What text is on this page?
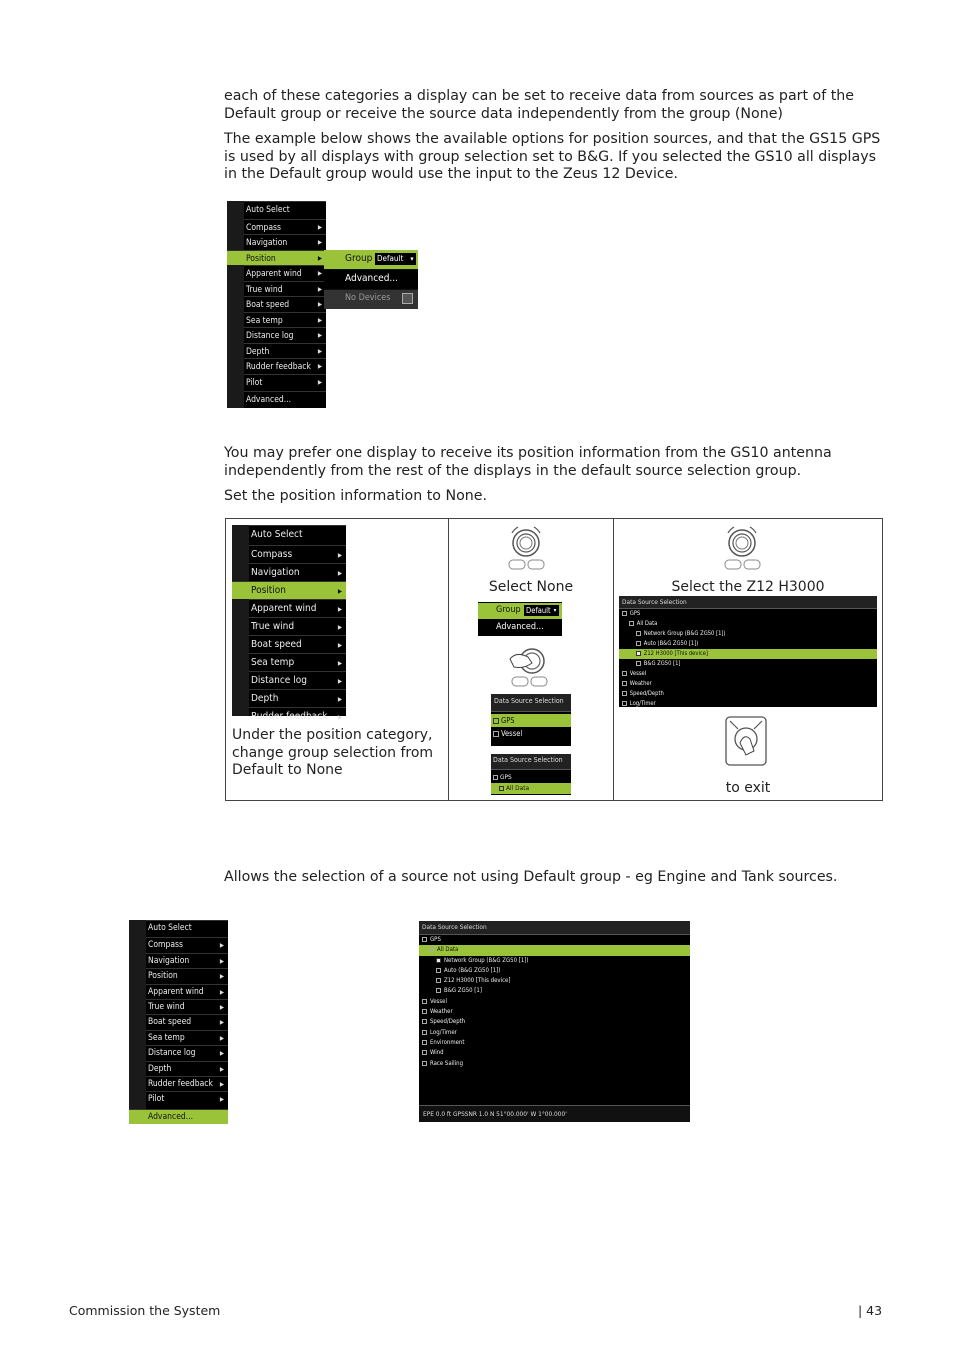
each of these categories a display can be set to receive data from sources as part of the Default group or receive the source data independently from the group (None)

The example below shows the available options for position sources, and that the GS15 GPS is used by all displays with group selection set to B&G. If you selected the GS10 all displays in the Default group would use the input to the Zeus 12 Device.

Auto Select
Compass	▶
Navigation	▶
Position	▶
Apparent wind	▶
True wind	▶
Boat speed	▶
Sea temp	▶
Distance log	▶
Depth	▶
Rudder feedback ▶
Pilot	▶
Advanced...
Group Default	▾
Advanced...
No Devices

You may prefer one display to receive its position information from the GS10 antenna independently from the rest of the displays in the default source selection group.

Set the position information to None.

Auto Select
Compass	▶
Navigation	▶
Position	▶
Apparent wind	▶
True wind	▶
Boat speed	▶
Sea temp	▶
Distance log	▶
Depth	▶
Rudder feedback ▶
Under the position category, change group selection from Default to None
Select None
Group Default ▾
Advanced...
Data Source Selection
GPS
Vessel
Data Source Selection
GPS
All Data
Select the Z12 H3000
Data Source Selection
GPS
All Data
Network Group (B&G ZG50 [1])
Auto (B&G ZG50 [1])
Z12 H3000 [This device]
B&G ZG50 [1]
Vessel
Weather
Speed/Depth
Log/Timer
to exit
Allows the selection of a source not using Default group - eg Engine and Tank sources.
Auto Select
Compass	▶
Navigation	▶
Position	▶
Apparent wind	▶
True wind	▶
Boat speed	▶
Sea temp	▶
Distance log	▶
Depth	▶
Rudder feedback ▶
Pilot	▶
Advanced...
Data Source Selection
GPS
All Data
Network Group (B&G ZG50 [1])
Auto (B&G ZG50 [1])
Z12 H3000 [This device]
B&G ZG50 [1]
Vessel
Weather
Speed/Depth
Log/Timer
Environment
Wind
Race Sailing
EPE 0.0 ft GPSSNR 1.0 N 51°00.000' W 1°00.000'
Commission the System	| 43
